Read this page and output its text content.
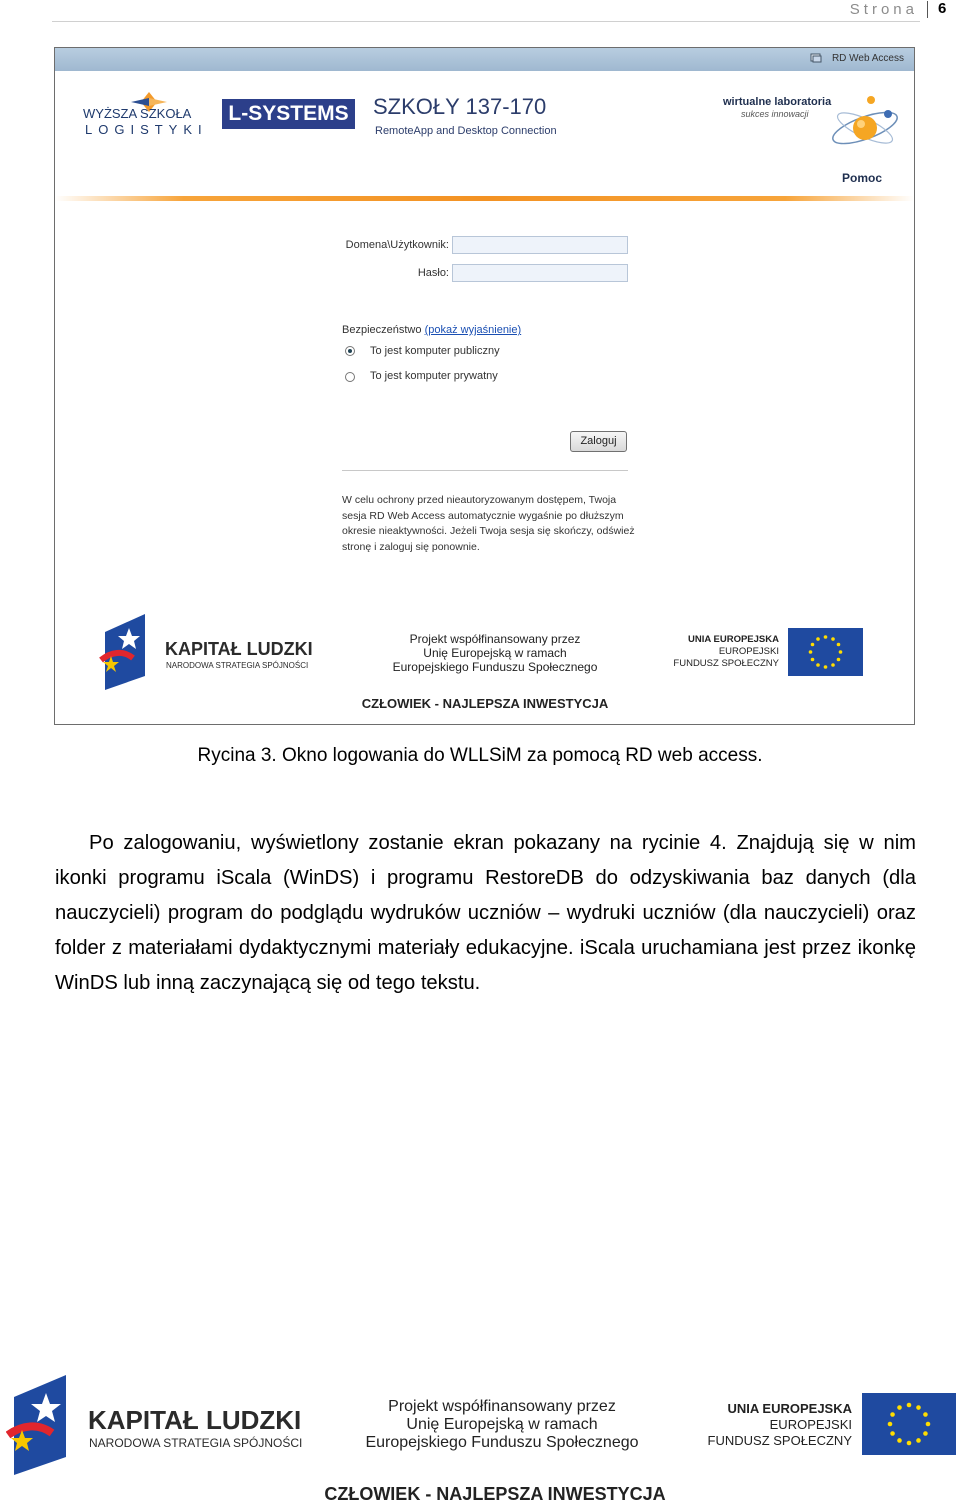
Strona 6
RD Web Access
WYŻSZA SZKOŁA
LOGISTYKI
L-SYSTEMS SZKOŁY 137-170
RemoteApp and Desktop Connection
wirtualne laboratoria
sukces innowacji
Pomoc
Domena\Użytkownik:
Hasło:
Bezpieczeństwo (pokaż wyjaśnienie)
To jest komputer publiczny
To jest komputer prywatny
Zaloguj
W celu ochrony przed nieautoryzowanym dostępem, Twoja sesja RD Web Access automatycznie wygaśnie po dłuższym okresie nieaktywności. Jeżeli Twoja sesja się skończy, odśwież stronę i zaloguj się ponownie.
KAPITAŁ LUDZKI
NARODOWA STRATEGIA SPÓJNOŚCI
Projekt współfinansowany przez
Unię Europejską w ramach
Europejskiego Funduszu Społecznego
UNIA EUROPEJSKA
EUROPEJSKI
FUNDUSZ SPOŁECZNY
CZŁOWIEK - NAJLEPSZA INWESTYCJA
Rycina 3. Okno logowania do WLLSiM za pomocą RD web access.

Po zalogowaniu, wyświetlony zostanie ekran pokazany na rycinie 4. Znajdują się w nim ikonki programu iScala (WinDS) i programu RestoreDB do odzyskiwania baz danych (dla nauczycieli) program do podglądu wydruków uczniów – wydruki uczniów (dla nauczycieli) oraz folder z materiałami dydaktycznymi materiały edukacyjne. iScala uruchamiana jest przez ikonkę WinDS lub inną zaczynającą się od tego tekstu.

KAPITAŁ LUDZKI
NARODOWA STRATEGIA SPÓJNOŚCI
Projekt współfinansowany przez
Unię Europejską w ramach
Europejskiego Funduszu Społecznego
UNIA EUROPEJSKA
EUROPEJSKI
FUNDUSZ SPOŁECZNY
CZŁOWIEK - NAJLEPSZA INWESTYCJA
